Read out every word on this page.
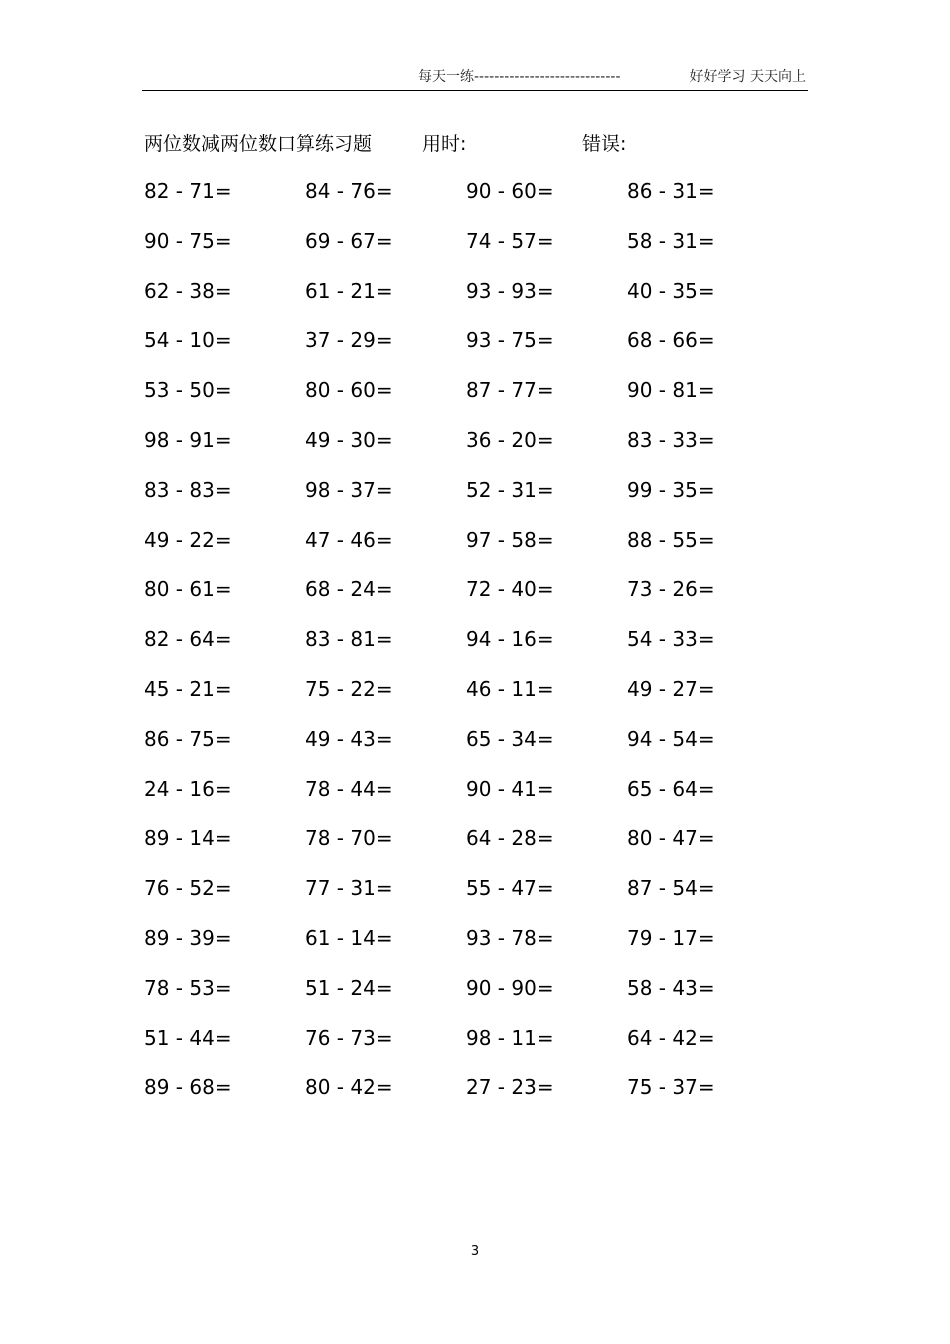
每天一练-----------------------------	好好学习 天天向上
两位数减两位数口算练习题	用时:	错误:
82 - 71=	84 - 76=	90 - 60=	86 - 31=
90 - 75=	69 - 67=	74 - 57=	58 - 31=
62 - 38=	61 - 21=	93 - 93=	40 - 35=
54 - 10=	37 - 29=	93 - 75=	68 - 66=
53 - 50=	80 - 60=	87 - 77=	90 - 81=
98 - 91=	49 - 30=	36 - 20=	83 - 33=
83 - 83=	98 - 37=	52 - 31=	99 - 35=
49 - 22=	47 - 46=	97 - 58=	88 - 55=
80 - 61=	68 - 24=	72 - 40=	73 - 26=
82 - 64=	83 - 81=	94 - 16=	54 - 33=
45 - 21=	75 - 22=	46 - 11=	49 - 27=
86 - 75=	49 - 43=	65 - 34=	94 - 54=
24 - 16=	78 - 44=	90 - 41=	65 - 64=
89 - 14=	78 - 70=	64 - 28=	80 - 47=
76 - 52=	77 - 31=	55 - 47=	87 - 54=
89 - 39=	61 - 14=	93 - 78=	79 - 17=
78 - 53=	51 - 24=	90 - 90=	58 - 43=
51 - 44=	76 - 73=	98 - 11=	64 - 42=
89 - 68=	80 - 42=	27 - 23=	75 - 37=
3
